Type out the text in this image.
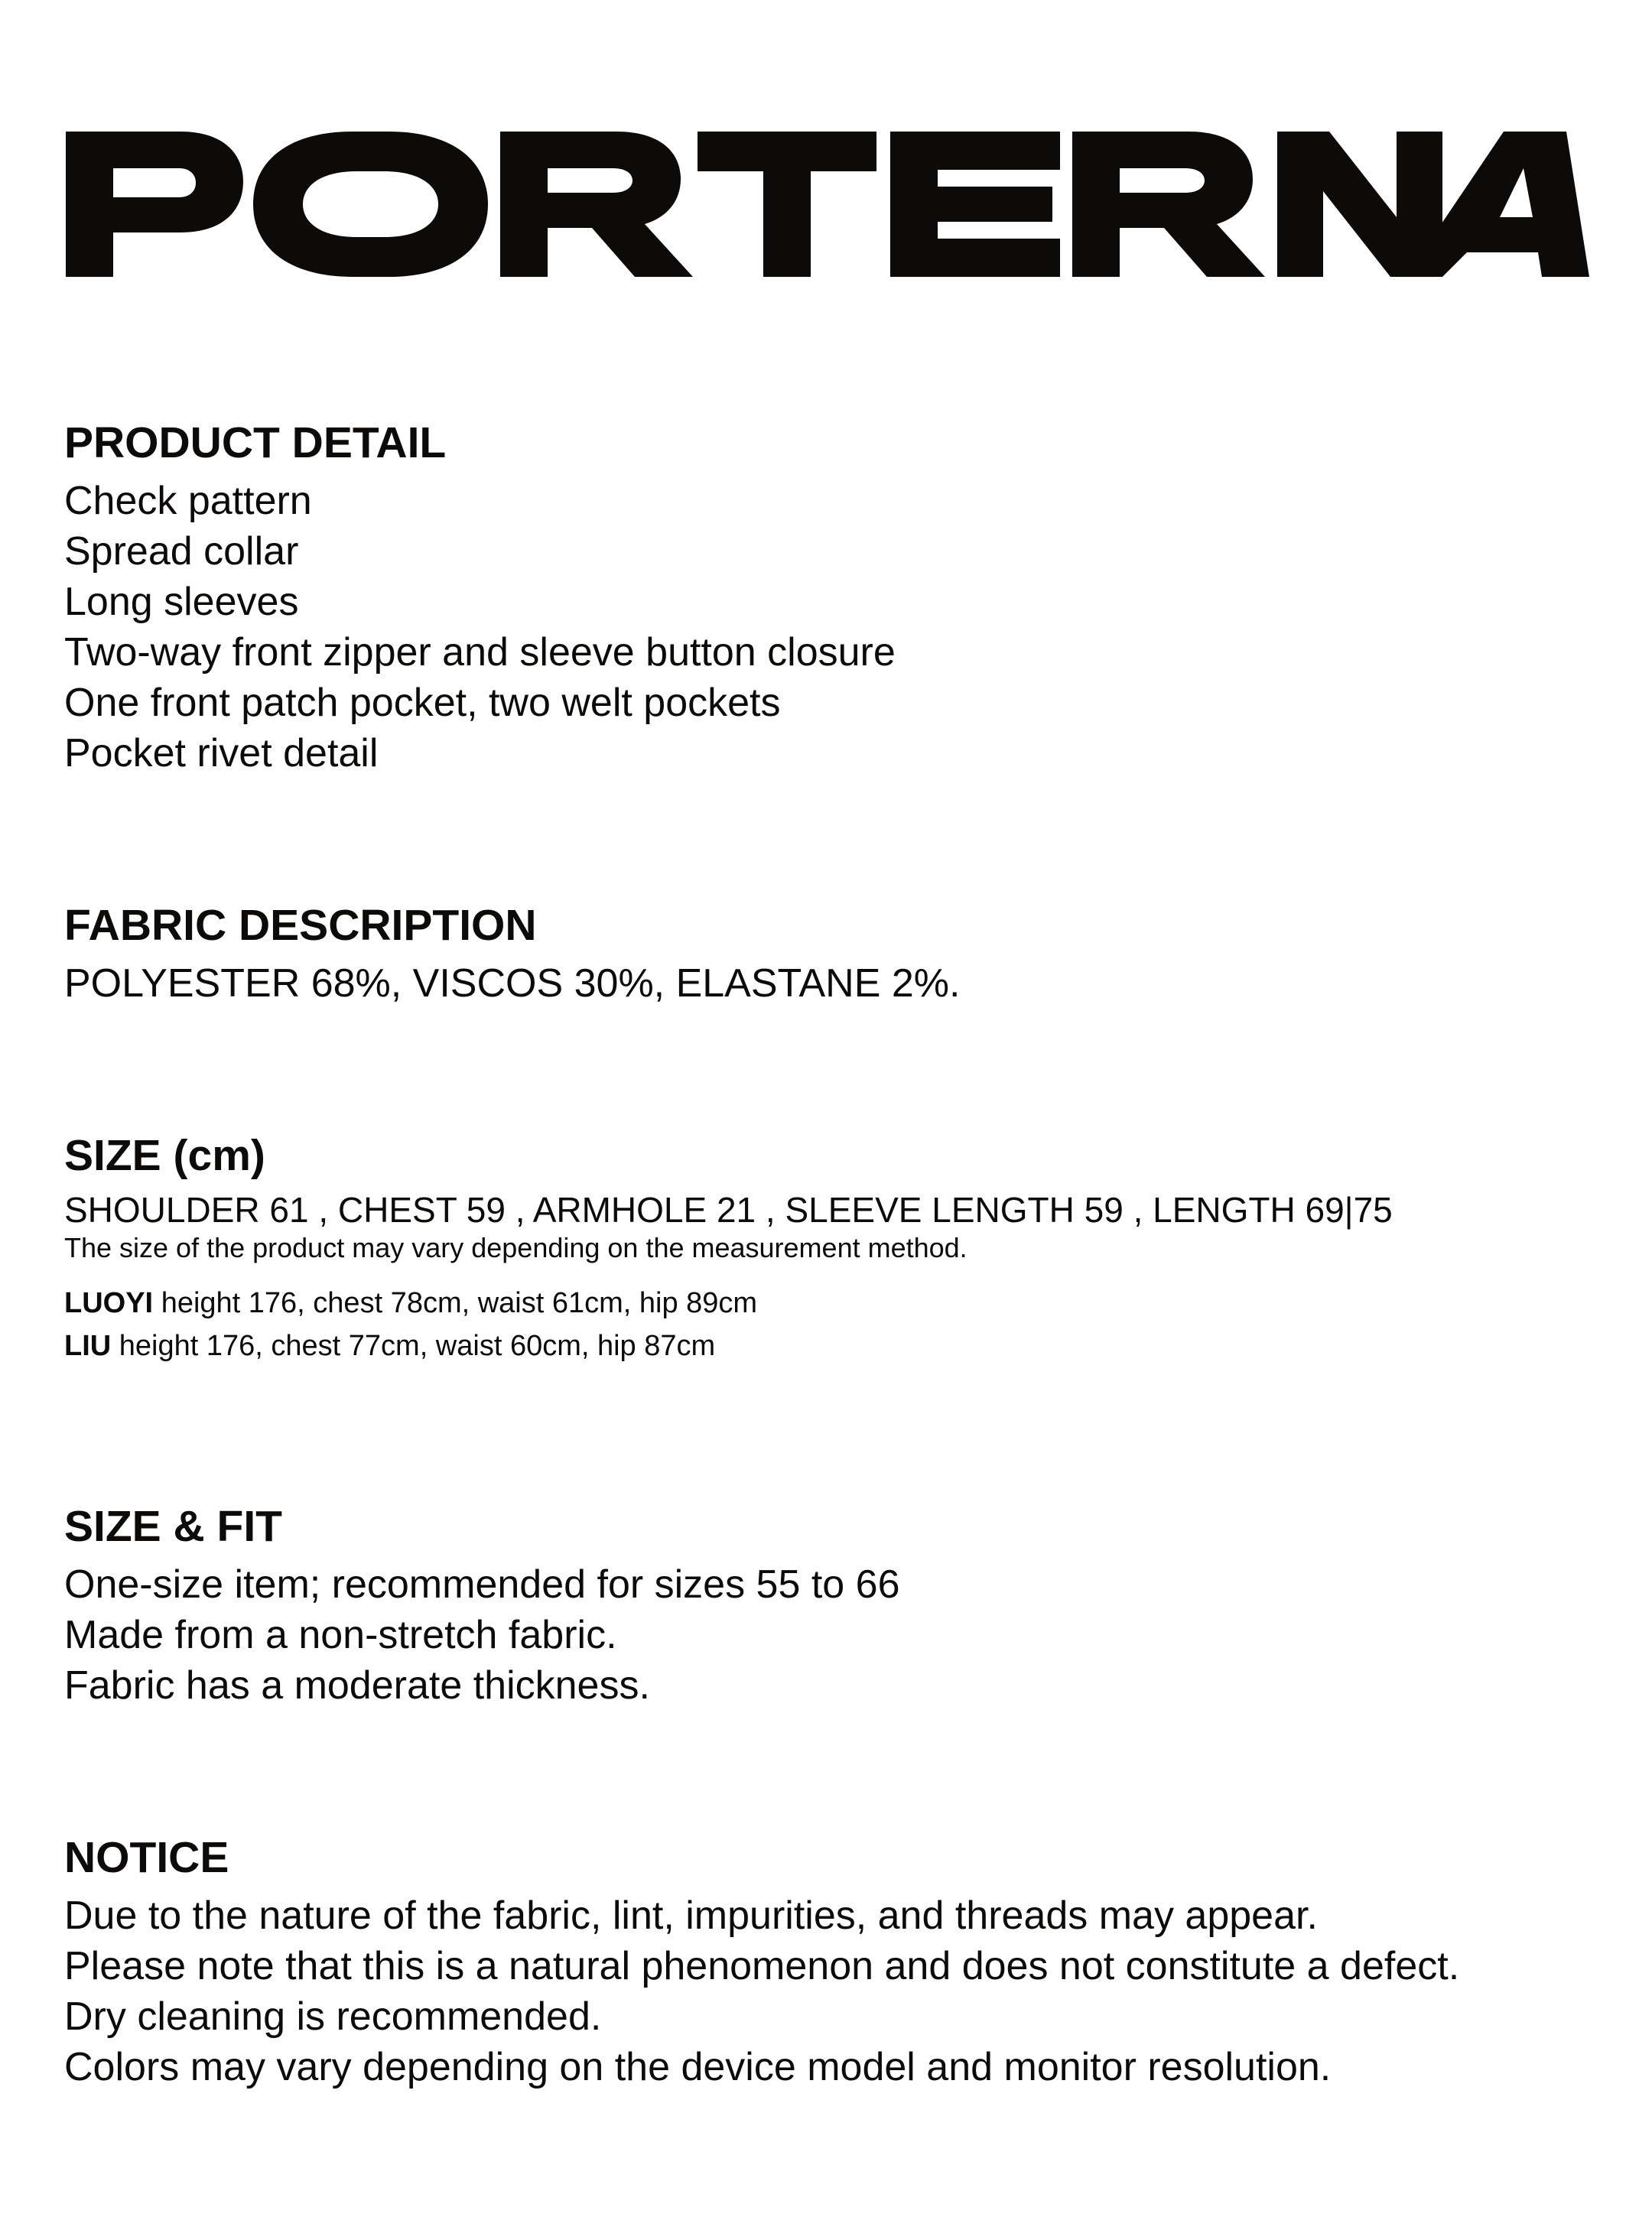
PRODUCT DETAIL
Check pattern
Spread collar
Long sleeves
Two-way front zipper and sleeve button closure
One front patch pocket, two welt pockets
Pocket rivet detail
FABRIC DESCRIPTION
POLYESTER 68%, VISCOS 30%, ELASTANE 2%.
SIZE (cm)
SHOULDER 61 , CHEST 59 , ARMHOLE 21 , SLEEVE LENGTH 59 , LENGTH 69|75
The size of the product may vary depending on the measurement method.
LUOYI height 176, chest 78cm, waist 61cm, hip 89cm
LIU height 176, chest 77cm, waist 60cm, hip 87cm
SIZE & FIT
One-size item; recommended for sizes 55 to 66
Made from a non-stretch fabric.
Fabric has a moderate thickness.
NOTICE
Due to the nature of the fabric, lint, impurities, and threads may appear.
Please note that this is a natural phenomenon and does not constitute a defect.
Dry cleaning is recommended.
Colors may vary depending on the device model and monitor resolution.
